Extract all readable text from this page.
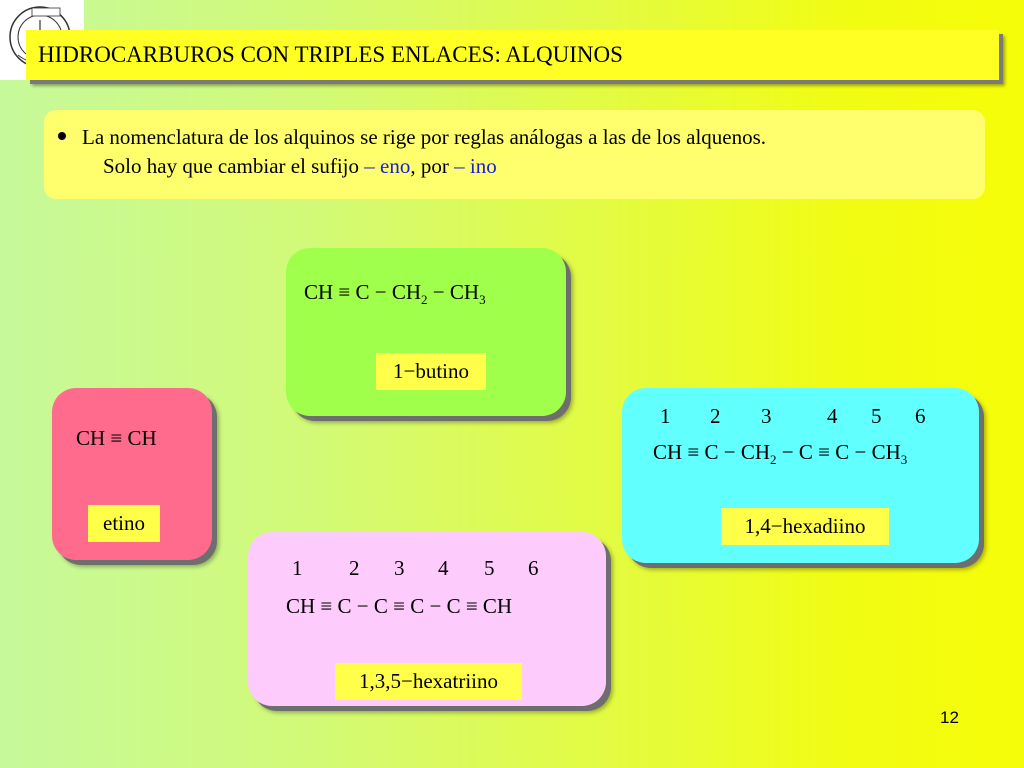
HIDROCARBUROS CON TRIPLES ENLACES: ALQUINOS
La nomenclatura de los alquinos se rige por reglas análogas a las de los alquenos.
Solo hay que cambiar el sufijo – eno, por – ino
CH ≡ $C - CH_2 - CH_3$
1−butino
CH ≡ CH
etino
1 2 3	4 5 6
CH ≡ $C - CH_2 - C \equiv C - CH_3$
1,4−hexadiino
1 2 3 4 5 6
CH ≡ C − C ≡ C − C ≡ CH
1,3,5−hexatriino
12
